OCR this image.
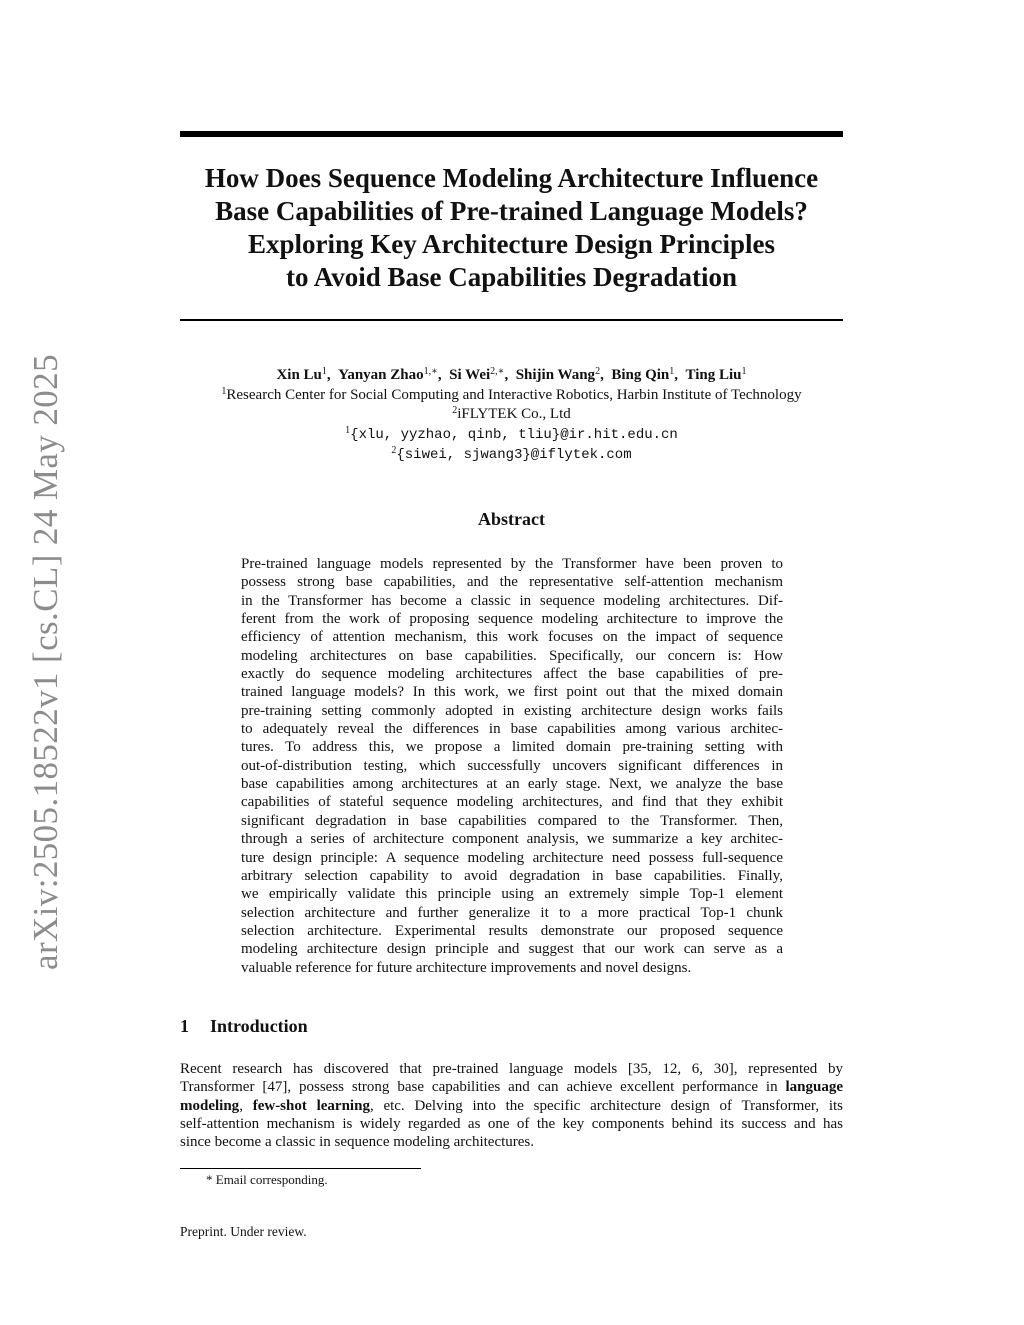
arXiv:2505.18522v1 [cs.CL] 24 May 2025
How Does Sequence Modeling Architecture Influence
Base Capabilities of Pre-trained Language Models?
Exploring Key Architecture Design Principles
to Avoid Base Capabilities Degradation
Xin Lu$^1$,  Yanyan Zhao$^{1,∗}$,  Si Wei$^{2,∗}$,  Shijin Wang$^2$,  Bing Qin$^1$,  Ting Liu$^1$
$^1$Research Center for Social Computing and Interactive Robotics, Harbin Institute of Technology
$^2$iFLYTEK Co., Ltd
$^1${xlu, yyzhao, qinb, tliu}@ir.hit.edu.cn
$^2${siwei, sjwang3}@iflytek.com
Abstract
Pre-trained language models represented by the Transformer have been proven to
possess strong base capabilities, and the representative self-attention mechanism
in the Transformer has become a classic in sequence modeling architectures. Dif-
ferent from the work of proposing sequence modeling architecture to improve the
efficiency of attention mechanism, this work focuses on the impact of sequence
modeling architectures on base capabilities. Specifically, our concern is: How
exactly do sequence modeling architectures affect the base capabilities of pre-
trained language models? In this work, we first point out that the mixed domain
pre-training setting commonly adopted in existing architecture design works fails
to adequately reveal the differences in base capabilities among various architec-
tures. To address this, we propose a limited domain pre-training setting with
out-of-distribution testing, which successfully uncovers significant differences in
base capabilities among architectures at an early stage. Next, we analyze the base
capabilities of stateful sequence modeling architectures, and find that they exhibit
significant degradation in base capabilities compared to the Transformer. Then,
through a series of architecture component analysis, we summarize a key architec-
ture design principle: A sequence modeling architecture need possess full-sequence
arbitrary selection capability to avoid degradation in base capabilities. Finally,
we empirically validate this principle using an extremely simple Top-1 element
selection architecture and further generalize it to a more practical Top-1 chunk
selection architecture. Experimental results demonstrate our proposed sequence
modeling architecture design principle and suggest that our work can serve as a
valuable reference for future architecture improvements and novel designs.
1 Introduction
Recent research has discovered that pre-trained language models [35, 12, 6, 30], represented by
Transformer [47], possess strong base capabilities and can achieve excellent performance in language
modeling, few-shot learning, etc. Delving into the specific architecture design of Transformer, its
self-attention mechanism is widely regarded as one of the key components behind its success and has
since become a classic in sequence modeling architectures.
* Email corresponding.
Preprint. Under review.
